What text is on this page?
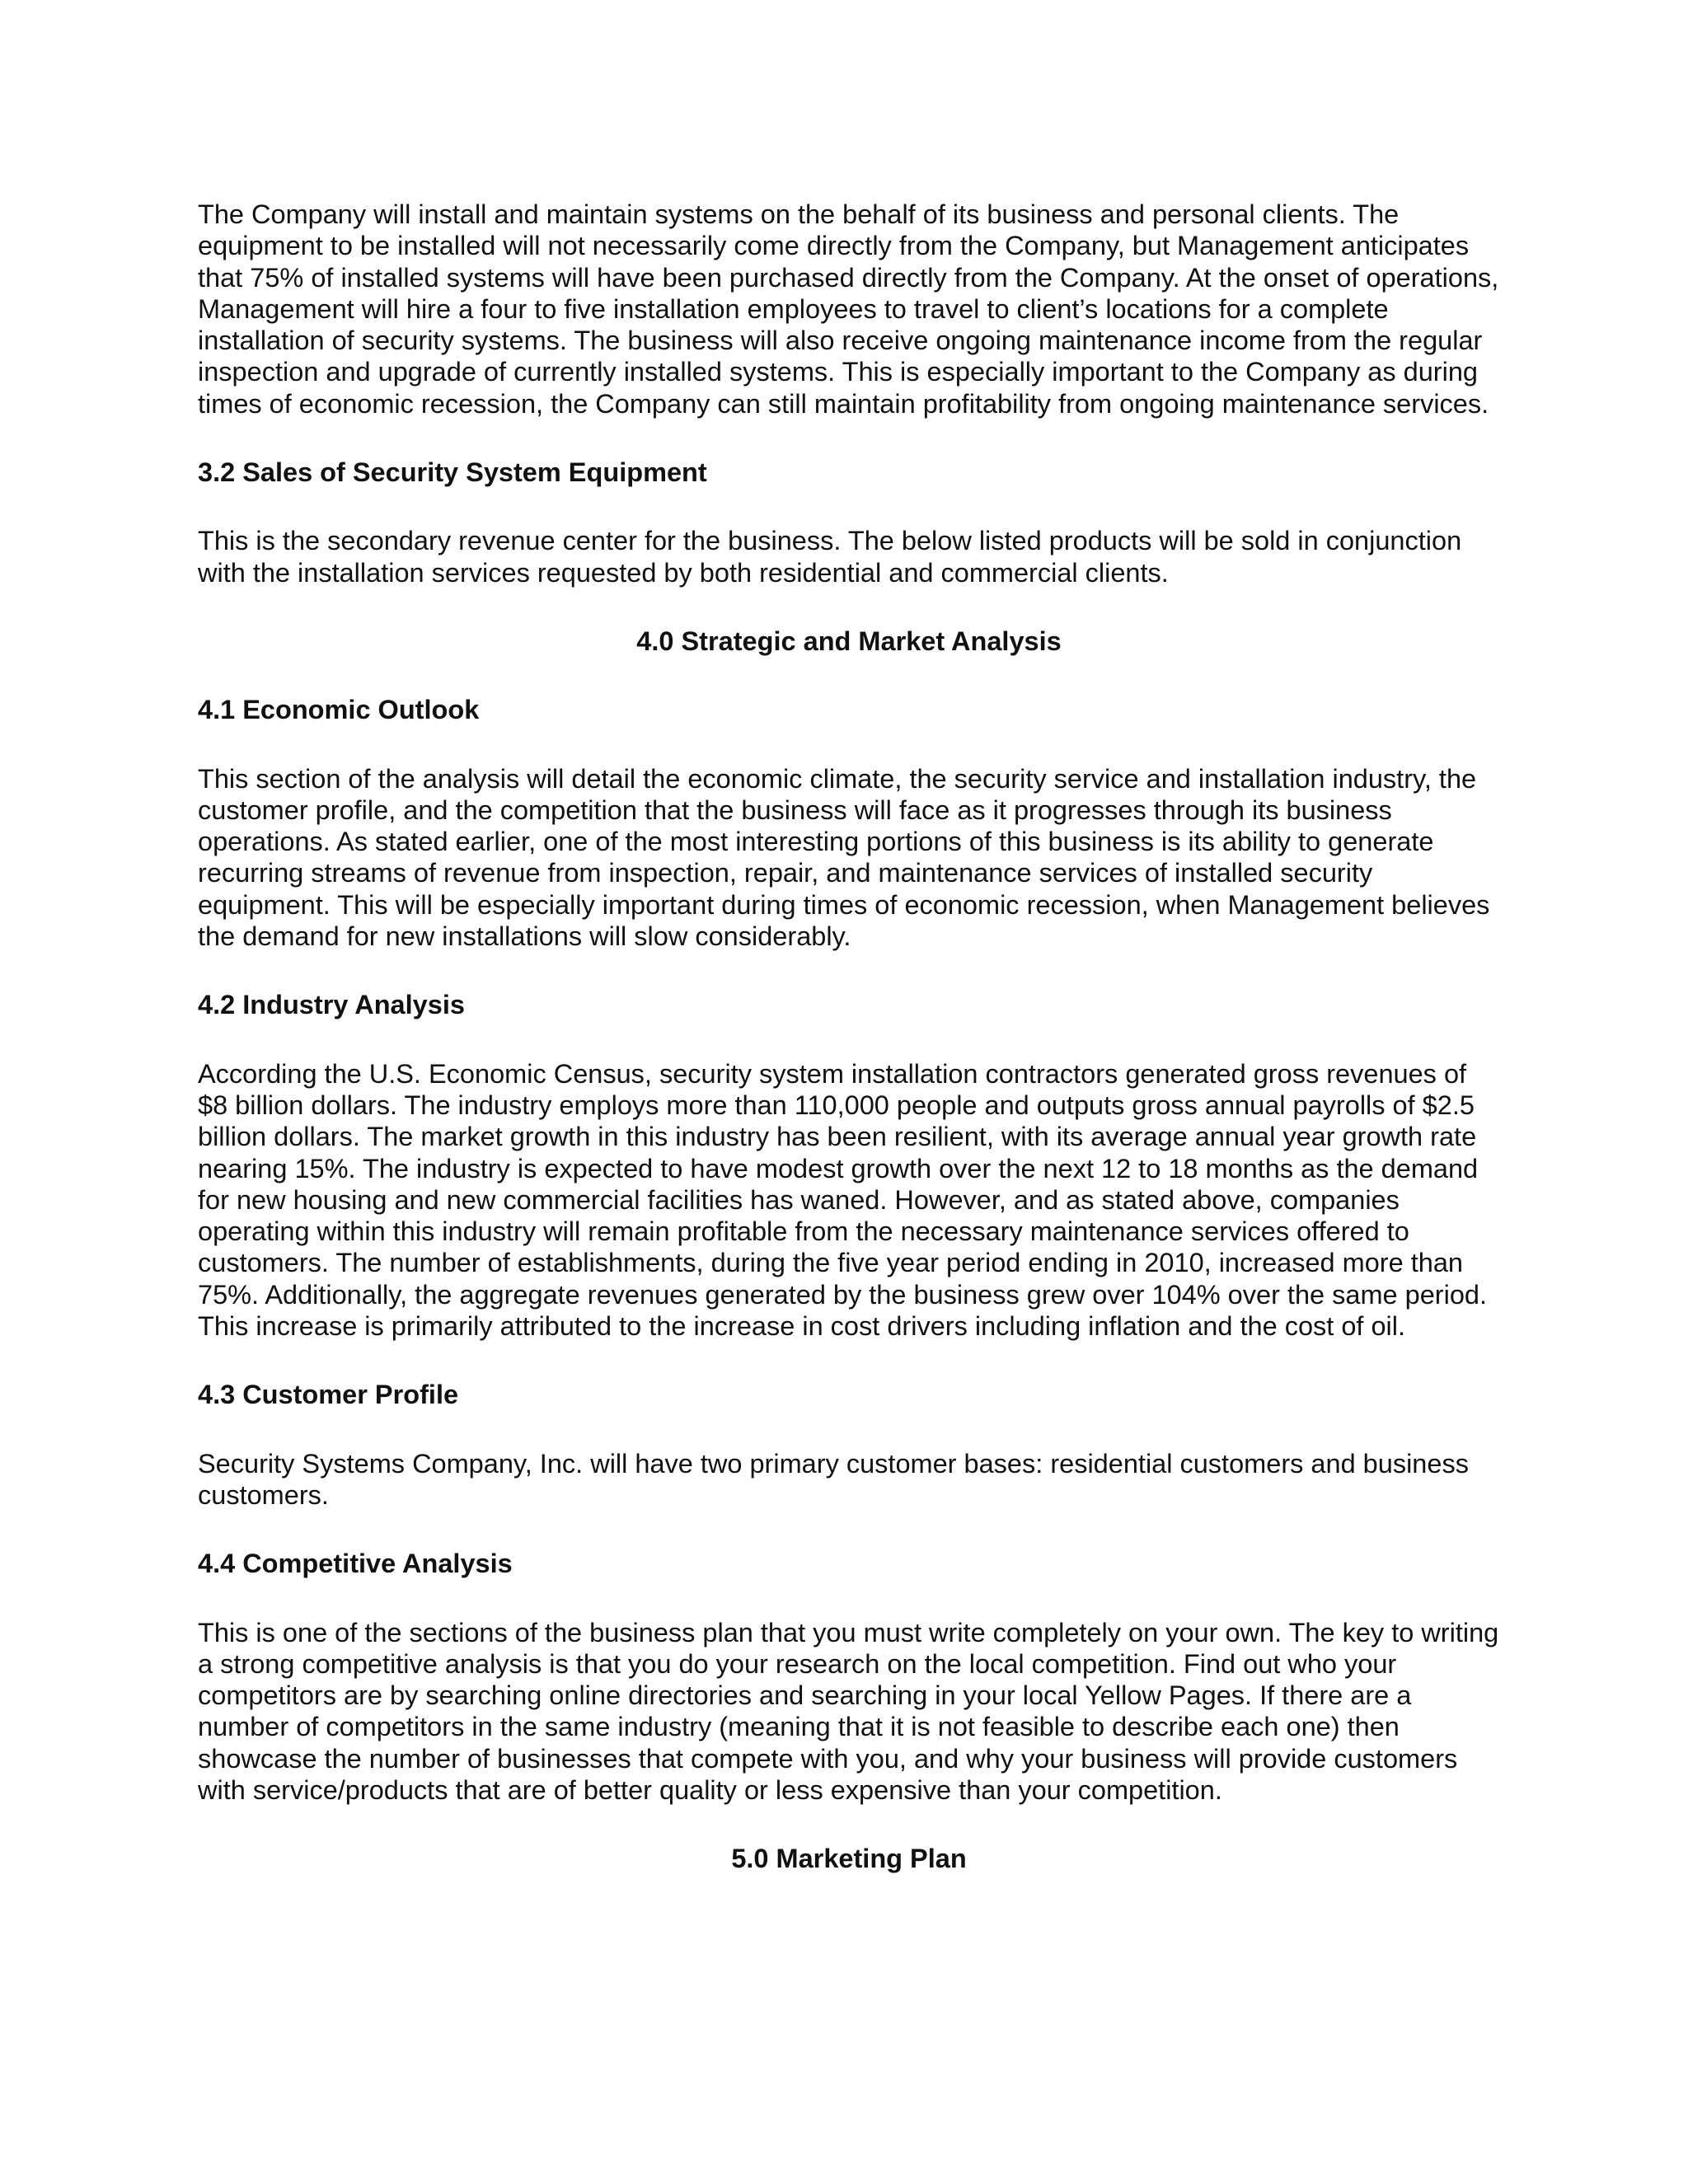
The Company will install and maintain systems on the behalf of its business and personal clients. The equipment to be installed will not necessarily come directly from the Company, but Management anticipates that 75% of installed systems will have been purchased directly from the Company. At the onset of operations, Management will hire a four to five installation employees to travel to client’s locations for a complete installation of security systems. The business will also receive ongoing maintenance income from the regular inspection and upgrade of currently installed systems. This is especially important to the Company as during times of economic recession, the Company can still maintain profitability from ongoing maintenance services.

3.2 Sales of Security System Equipment

This is the secondary revenue center for the business. The below listed products will be sold in conjunction with the installation services requested by both residential and commercial clients.

4.0 Strategic and Market Analysis

4.1 Economic Outlook

This section of the analysis will detail the economic climate, the security service and installation industry, the customer profile, and the competition that the business will face as it progresses through its business operations. As stated earlier, one of the most interesting portions of this business is its ability to generate recurring streams of revenue from inspection, repair, and maintenance services of installed security equipment. This will be especially important during times of economic recession, when Management believes the demand for new installations will slow considerably.

4.2 Industry Analysis

According the U.S. Economic Census, security system installation contractors generated gross revenues of $8 billion dollars. The industry employs more than 110,000 people and outputs gross annual payrolls of $2.5 billion dollars. The market growth in this industry has been resilient, with its average annual year growth rate nearing 15%. The industry is expected to have modest growth over the next 12 to 18 months as the demand for new housing and new commercial facilities has waned. However, and as stated above, companies operating within this industry will remain profitable from the necessary maintenance services offered to customers. The number of establishments, during the five year period ending in 2010, increased more than 75%. Additionally, the aggregate revenues generated by the business grew over 104% over the same period. This increase is primarily attributed to the increase in cost drivers including inflation and the cost of oil.

4.3 Customer Profile

Security Systems Company, Inc. will have two primary customer bases: residential customers and business customers.

4.4 Competitive Analysis

This is one of the sections of the business plan that you must write completely on your own. The key to writing a strong competitive analysis is that you do your research on the local competition. Find out who your competitors are by searching online directories and searching in your local Yellow Pages. If there are a number of competitors in the same industry (meaning that it is not feasible to describe each one) then showcase the number of businesses that compete with you, and why your business will provide customers with service/products that are of better quality or less expensive than your competition.

5.0 Marketing Plan
